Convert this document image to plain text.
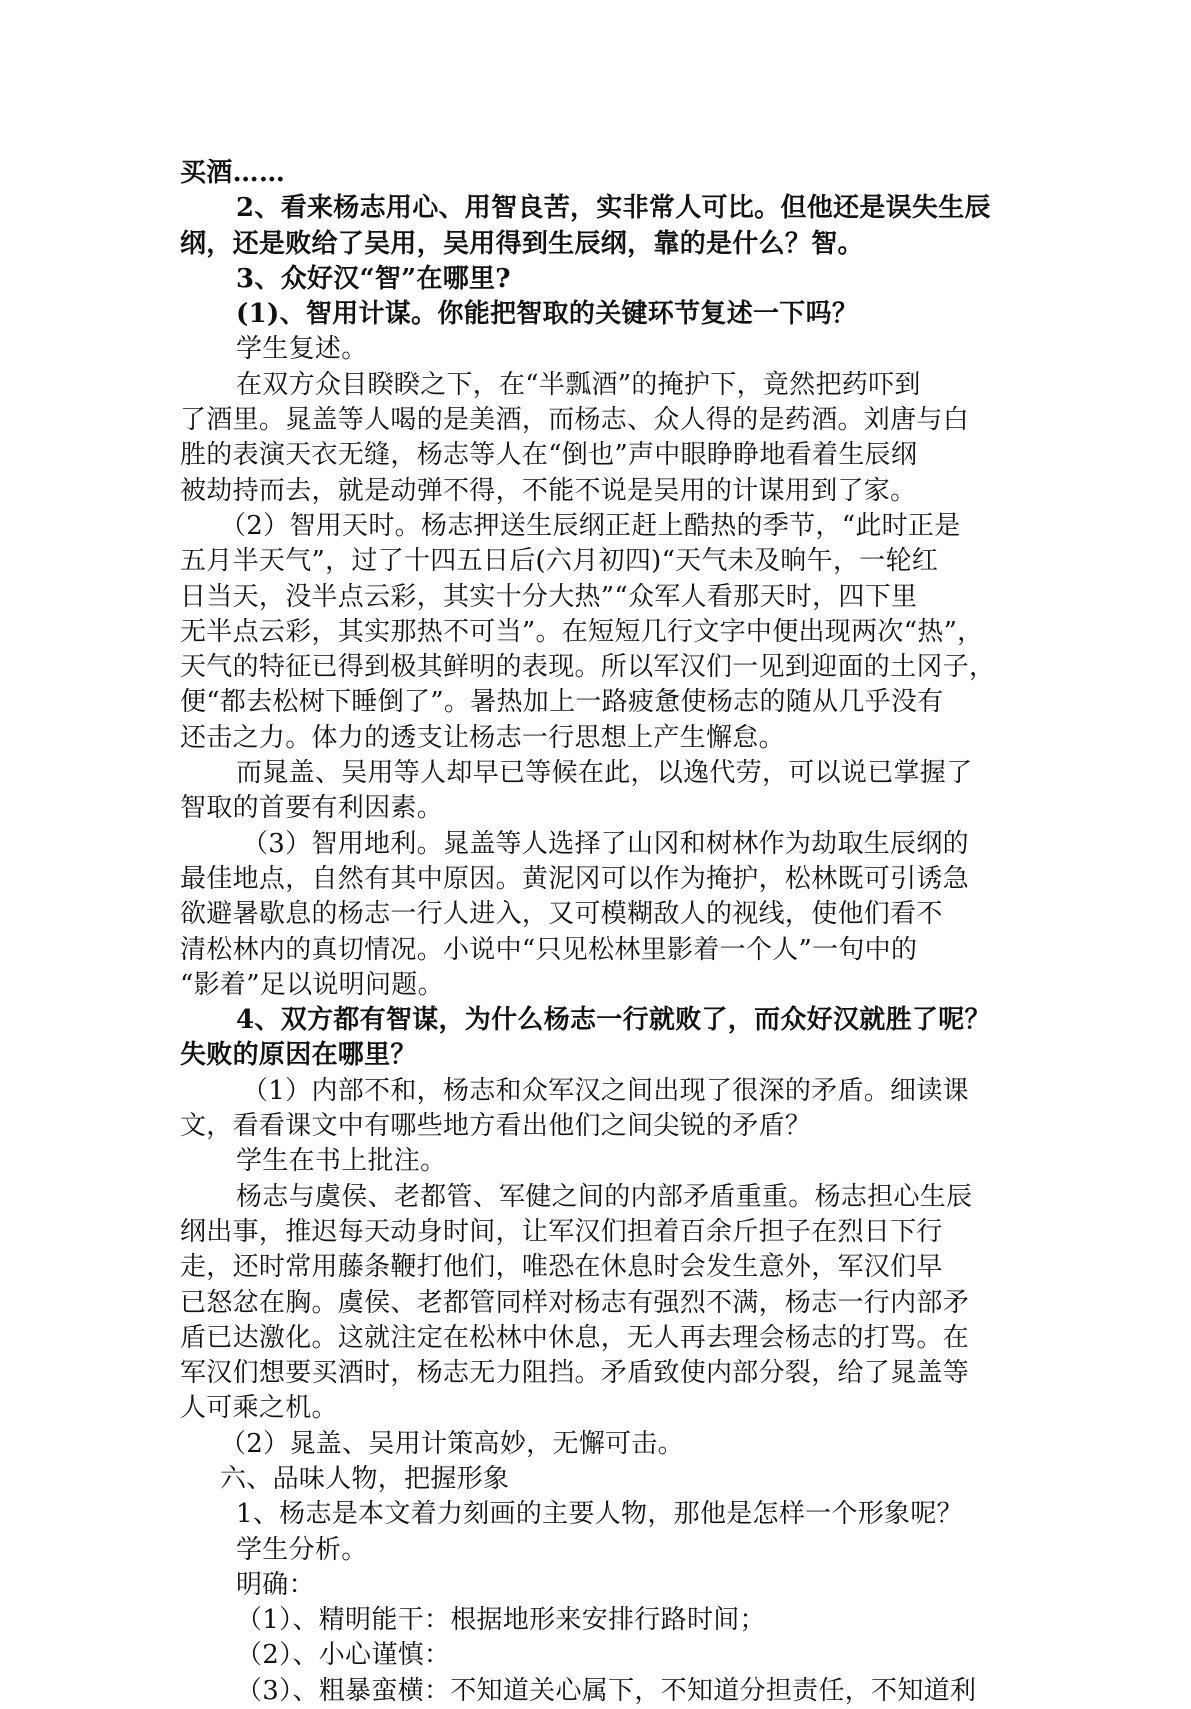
买酒……
2、看来杨志用心、用智良苦，实非常人可比。但他还是误失生辰
纲，还是败给了吴用，吴用得到生辰纲，靠的是什么？智。
3、众好汉“智”在哪里?
(1)、智用计谋。你能把智取的关键环节复述一下吗？
学生复述。
在双方众目睽睽之下，在“半瓢酒”的掩护下，竟然把药吓到
了酒里。晁盖等人喝的是美酒，而杨志、众人得的是药酒。刘唐与白
胜的表演天衣无缝，杨志等人在“倒也”声中眼睁睁地看着生辰纲
被劫持而去，就是动弹不得，不能不说是吴用的计谋用到了家。
（2）智用天时。杨志押送生辰纲正赶上酷热的季节，“此时正是
五月半天气”，过了十四五日后(六月初四)“天气未及晌午，一轮红
日当天，没半点云彩，其实十分大热”“众军人看那天时，四下里
无半点云彩，其实那热不可当”。在短短几行文字中便出现两次“热”，
天气的特征已得到极其鲜明的表现。所以军汉们一见到迎面的土冈子，
便“都去松树下睡倒了”。暑热加上一路疲惫使杨志的随从几乎没有
还击之力。体力的透支让杨志一行思想上产生懈怠。
而晁盖、吴用等人却早已等候在此，以逸代劳，可以说已掌握了
智取的首要有利因素。
（3）智用地利。晁盖等人选择了山冈和树林作为劫取生辰纲的
最佳地点，自然有其中原因。黄泥冈可以作为掩护，松林既可引诱急
欲避暑歇息的杨志一行人进入，又可模糊敌人的视线，使他们看不
清松林内的真切情况。小说中“只见松林里影着一个人”一句中的
“影着”足以说明问题。
4、双方都有智谋，为什么杨志一行就败了，而众好汉就胜了呢？
失败的原因在哪里？
（1）内部不和，杨志和众军汉之间出现了很深的矛盾。细读课
文，看看课文中有哪些地方看出他们之间尖锐的矛盾？
学生在书上批注。
杨志与虞侯、老都管、军健之间的内部矛盾重重。杨志担心生辰
纲出事，推迟每天动身时间，让军汉们担着百余斤担子在烈日下行
走，还时常用藤条鞭打他们，唯恐在休息时会发生意外，军汉们早
已怒忿在胸。虞侯、老都管同样对杨志有强烈不满，杨志一行内部矛
盾已达激化。这就注定在松林中休息，无人再去理会杨志的打骂。在
军汉们想要买酒时，杨志无力阻挡。矛盾致使内部分裂，给了晁盖等
人可乘之机。
（2）晁盖、吴用计策高妙，无懈可击。
六、品味人物，把握形象
1、杨志是本文着力刻画的主要人物，那他是怎样一个形象呢？
学生分析。
明确：
（1）、精明能干：根据地形来安排行路时间；
（2）、小心谨慎：
（3）、粗暴蛮横：不知道关心属下，不知道分担责任，不知道利
